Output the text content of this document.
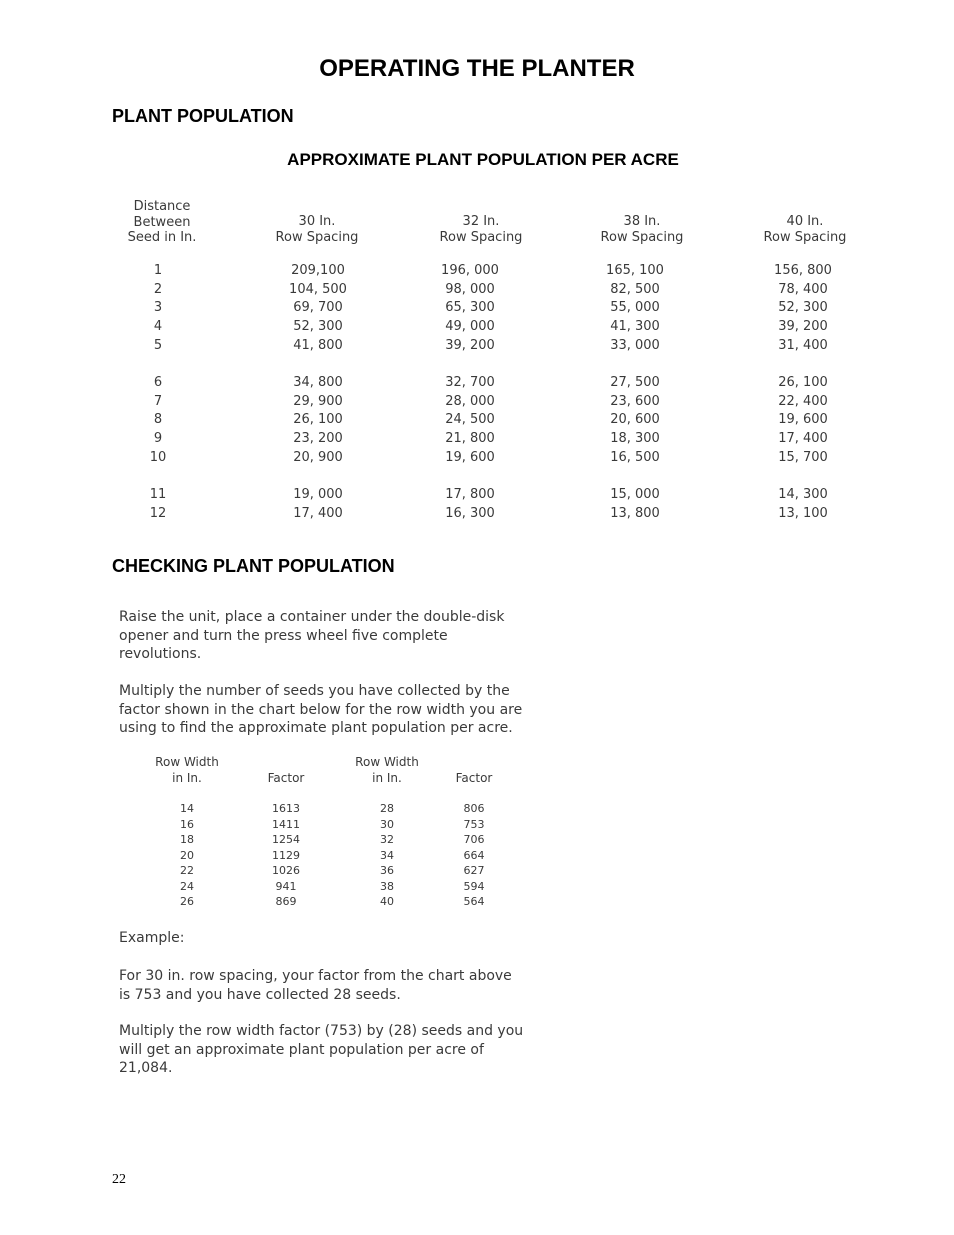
OPERATING THE PLANTER
PLANT POPULATION
APPROXIMATE PLANT POPULATION PER ACRE
Distance
Between
Seed in In.
30 In.
Row Spacing
32 In.
Row Spacing
38 In.
Row Spacing
40 In.
Row Spacing
1	209,100	196, 000	165, 100	156, 800
2	104, 500	98, 000	82, 500	78, 400
3	69, 700	65, 300	55, 000	52, 300
4	52, 300	49, 000	41, 300	39, 200
5	41, 800	39, 200	33, 000	31, 400
6	34, 800	32, 700	27, 500	26, 100
7	29, 900	28, 000	23, 600	22, 400
8	26, 100	24, 500	20, 600	19, 600
9	23, 200	21, 800	18, 300	17, 400
10	20, 900	19, 600	16, 500	15, 700
11	19, 000	17, 800	15, 000	14, 300
12	17, 400	16, 300	13, 800	13, 100
CHECKING PLANT POPULATION
Raise the unit, place a container under the double-disk
opener and turn the press wheel five complete
revolutions.
Multiply the number of seeds you have collected by the
factor shown in the chart below for the row width you are
using to find the approximate plant population per acre.
Row Width
in In.	Factor
Row Width
in In.	Factor
14	1613	28	806
16	1411	30	753
18	1254	32	706
20	1129	34	664
22	1026	36	627
24	941	38	594
26	869	40	564
Example:
For 30 in. row spacing, your factor from the chart above
is 753 and you have collected 28 seeds.
Multiply the row width factor (753) by (28) seeds and you
will get an approximate plant population per acre of
21,084.
22
